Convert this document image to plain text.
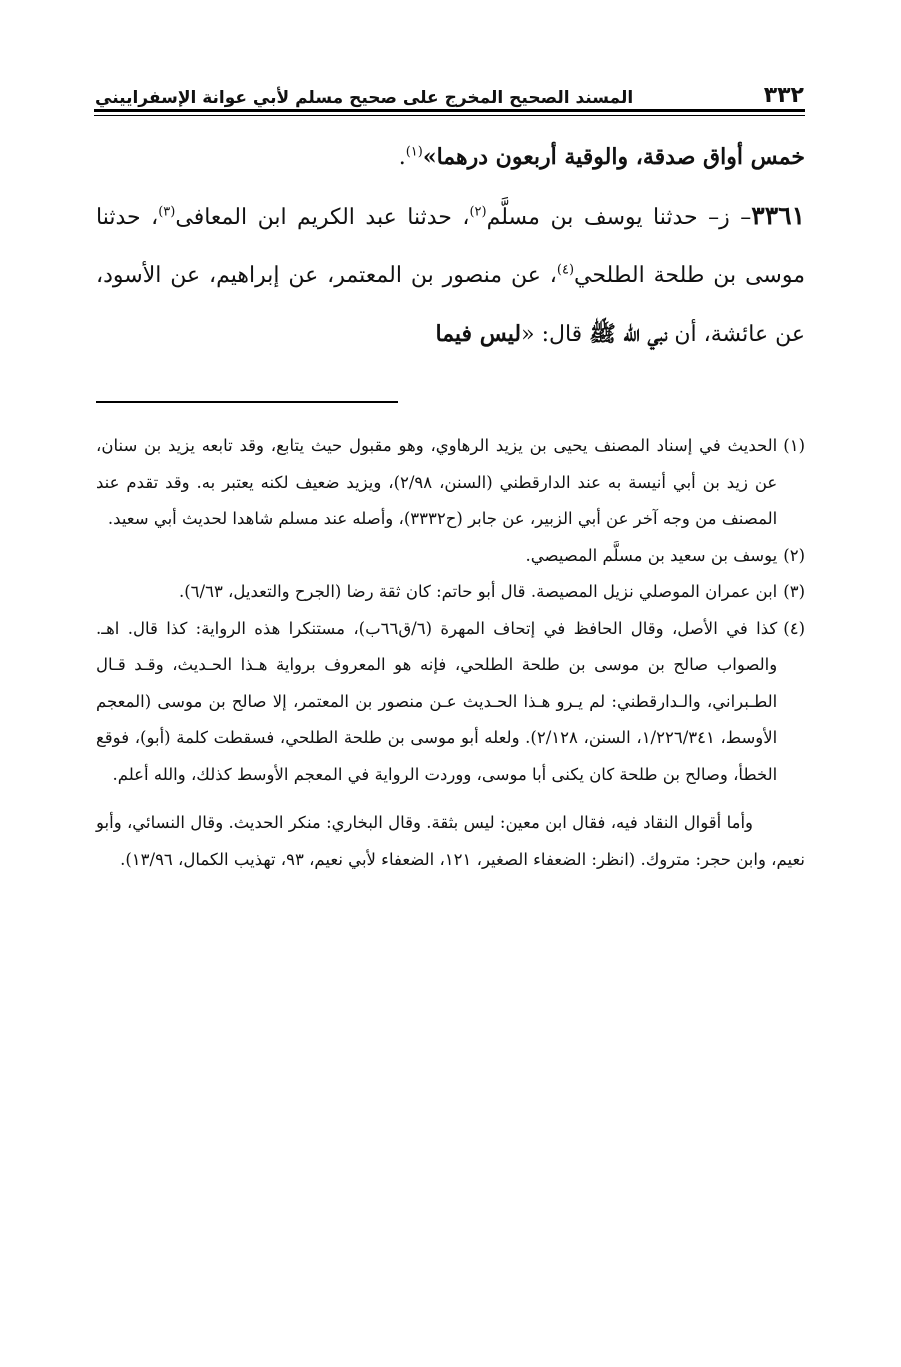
٣٣٢
المسند الصحيح المخرج على صحيح مسلم لأبي عوانة الإسفراييني

خمس أواق صدقة، والوقية أربعون درهما»$^{(١)}$.

٣٣٦١– ز– حدثنا يوسف بن مسلَّم$^{(٢)}$، حدثنا عبد الكريم ابن المعافى$^{(٣)}$، حدثنا موسى بن طلحة الطلحي$^{(٤)}$، عن منصور بن المعتمر، عن إبراهيم، عن الأسود، عن عائشة، أن نبي الله ﷺ قال: «ليس فيما

(١)
الحديث في إسناد المصنف يحيى بن يزيد الرهاوي، وهو مقبول حيث يتابع، وقد تابعه يزيد بن سنان، عن زيد بن أبي أنيسة به عند الدارقطني (السنن، ٢/٩٨)، ويزيد ضعيف لكنه يعتبر به. وقد تقدم عند المصنف من وجه آخر عن أبي الزبير، عن جابر (ح٣٣٣٢)، وأصله عند مسلم شاهدا لحديث أبي سعيد.
(٢)
يوسف بن سعيد بن مسلَّم المصيصي.
(٣)
ابن عمران الموصلي نزيل المصيصة. قال أبو حاتم: كان ثقة رضا (الجرح والتعديل، ٦/٦٣).
(٤)
كذا في الأصل، وقال الحافظ في إتحاف المهرة (٦/ق٦٦ب)، مستنكرا هذه الرواية: كذا قال. اهـ. والصواب صالح بن موسى بن طلحة الطلحي، فإنه هو المعروف برواية هـذا الحـديث، وقـد قـال الطـبراني، والـدارقطني: لم يـرو هـذا الحـديث عـن منصور بن المعتمر، إلا صالح بن موسى (المعجم الأوسط، ١/٢٢٦/٣٤١، السنن، ٢/١٢٨). ولعله أبو موسى بن طلحة الطلحي، فسقطت كلمة (أبو)، فوقع الخطأ، وصالح بن طلحة كان يكنى أبا موسى، ووردت الرواية في المعجم الأوسط كذلك، والله أعلم.

وأما أقوال النقاد فيه، فقال ابن معين: ليس بثقة. وقال البخاري: منكر الحديث. وقال النسائي، وأبو نعيم، وابن حجر: متروك. (انظر: الضعفاء الصغير، ١٢١، الضعفاء لأبي نعيم، ٩٣، تهذيب الكمال، ١٣/٩٦).
